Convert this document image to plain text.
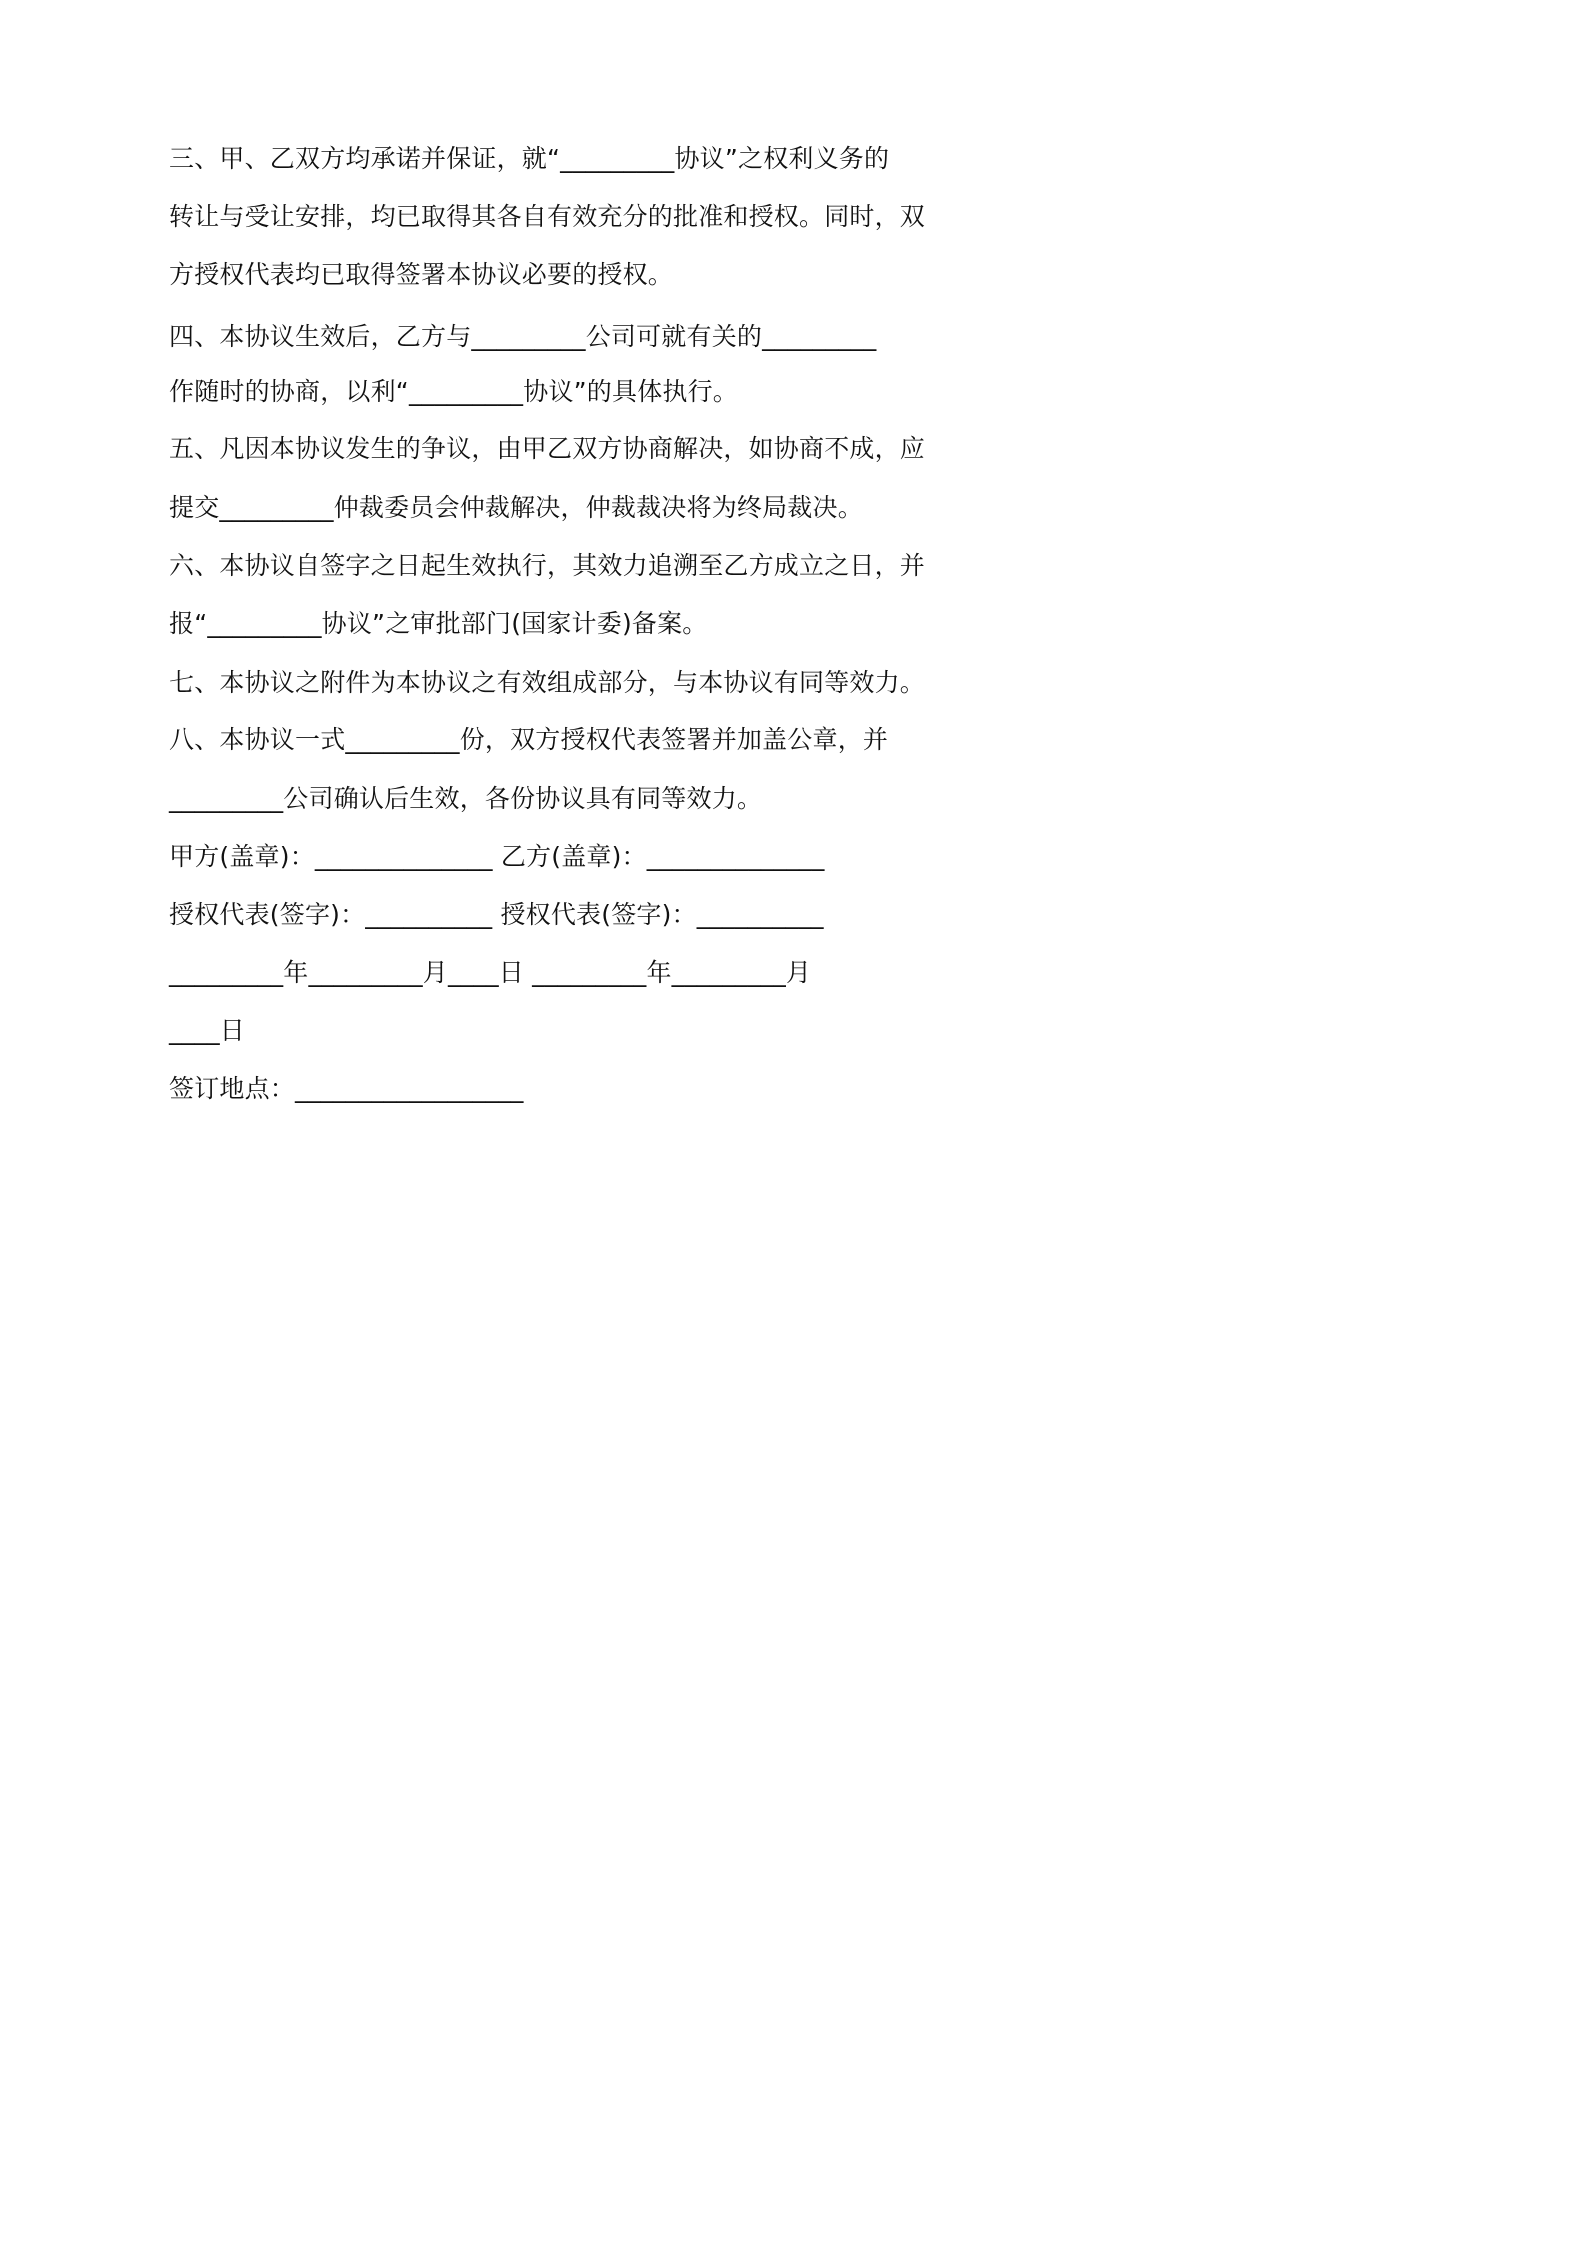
三、甲、乙双方均承诺并保证，就“_________协议”之权利义务的
转让与受让安排，均已取得其各自有效充分的批准和授权。同时，双
方授权代表均已取得签署本协议必要的授权。
四、本协议生效后，乙方与_________公司可就有关的_________
作随时的协商，以利“_________协议”的具体执行。
五、凡因本协议发生的争议，由甲乙双方协商解决，如协商不成，应
提交_________仲裁委员会仲裁解决，仲裁裁决将为终局裁决。
六、本协议自签字之日起生效执行，其效力追溯至乙方成立之日，并
报“_________协议”之审批部门(国家计委)备案。
七、本协议之附件为本协议之有效组成部分，与本协议有同等效力。
八、本协议一式_________份，双方授权代表签署并加盖公章，并
_________公司确认后生效，各份协议具有同等效力。
甲方(盖章)：______________ 乙方(盖章)：______________
授权代表(签字)：__________ 授权代表(签字)：__________
_________年_________月____日 _________年_________月
____日
签订地点：__________________
